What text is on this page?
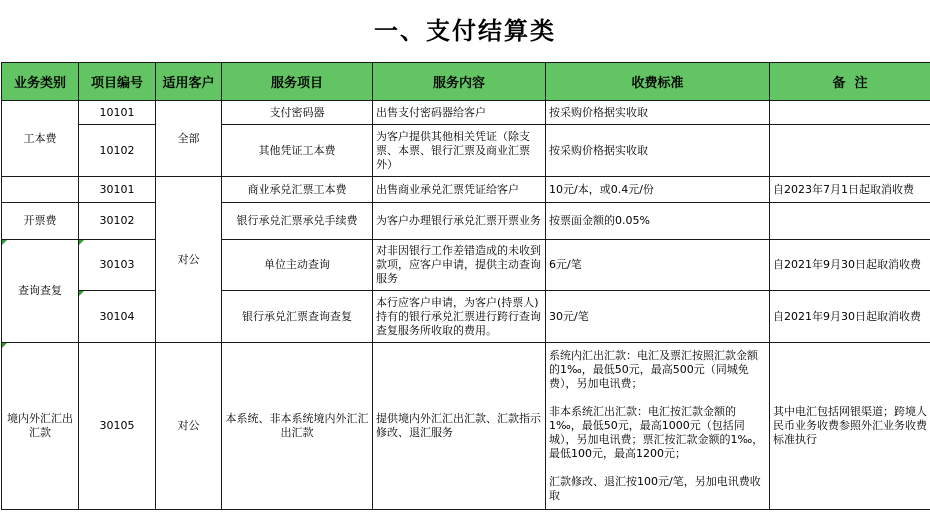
一、支付结算类
业务类别	项目编号	适用客户	服务项目	服务内容	收费标准	备  注
工本费	10101	全部	支付密码器	出售支付密码器给客户	按采购价格据实收取	
	10102		其他凭证工本费	为客户提供其他相关凭证（除支票、本票、银行汇票及商业汇票外）	按采购价格据实收取	
	30101	对公	商业承兑汇票工本费	出售商业承兑汇票凭证给客户	10元/本，或0.4元/份	自2023年7月1日起取消收费
开票费	30102		银行承兑汇票承兑手续费	为客户办理银行承兑汇票开票业务	按票面金额的0.05%	
查询查复	30103		单位主动查询	对非因银行工作差错造成的未收到款项，应客户申请，提供主动查询服务	6元/笔	自2021年9月30日起取消收费
	30104		银行承兑汇票查询查复	本行应客户申请，为客户(持票人)持有的银行承兑汇票进行跨行查询查复服务所收取的费用。	30元/笔	自2021年9月30日起取消收费
境内外汇汇出汇款	30105	对公	本系统、非本系统境内外汇汇出汇款	提供境内外汇汇出汇款、汇款指示修改、退汇服务	系统内汇出汇款：电汇及票汇按照汇款金额的1‰，最低50元，最高500元（同城免费），另加电讯费；

非本系统汇出汇款：电汇按汇款金额的1‰，最低50元，最高1000元（包括同城），另加电讯费；票汇按汇款金额的1‰，最低100元，最高1200元；

汇款修改、退汇按100元/笔，另加电讯费收取	其中电汇包括网银渠道；跨境人民币业务收费参照外汇业务收费标准执行
